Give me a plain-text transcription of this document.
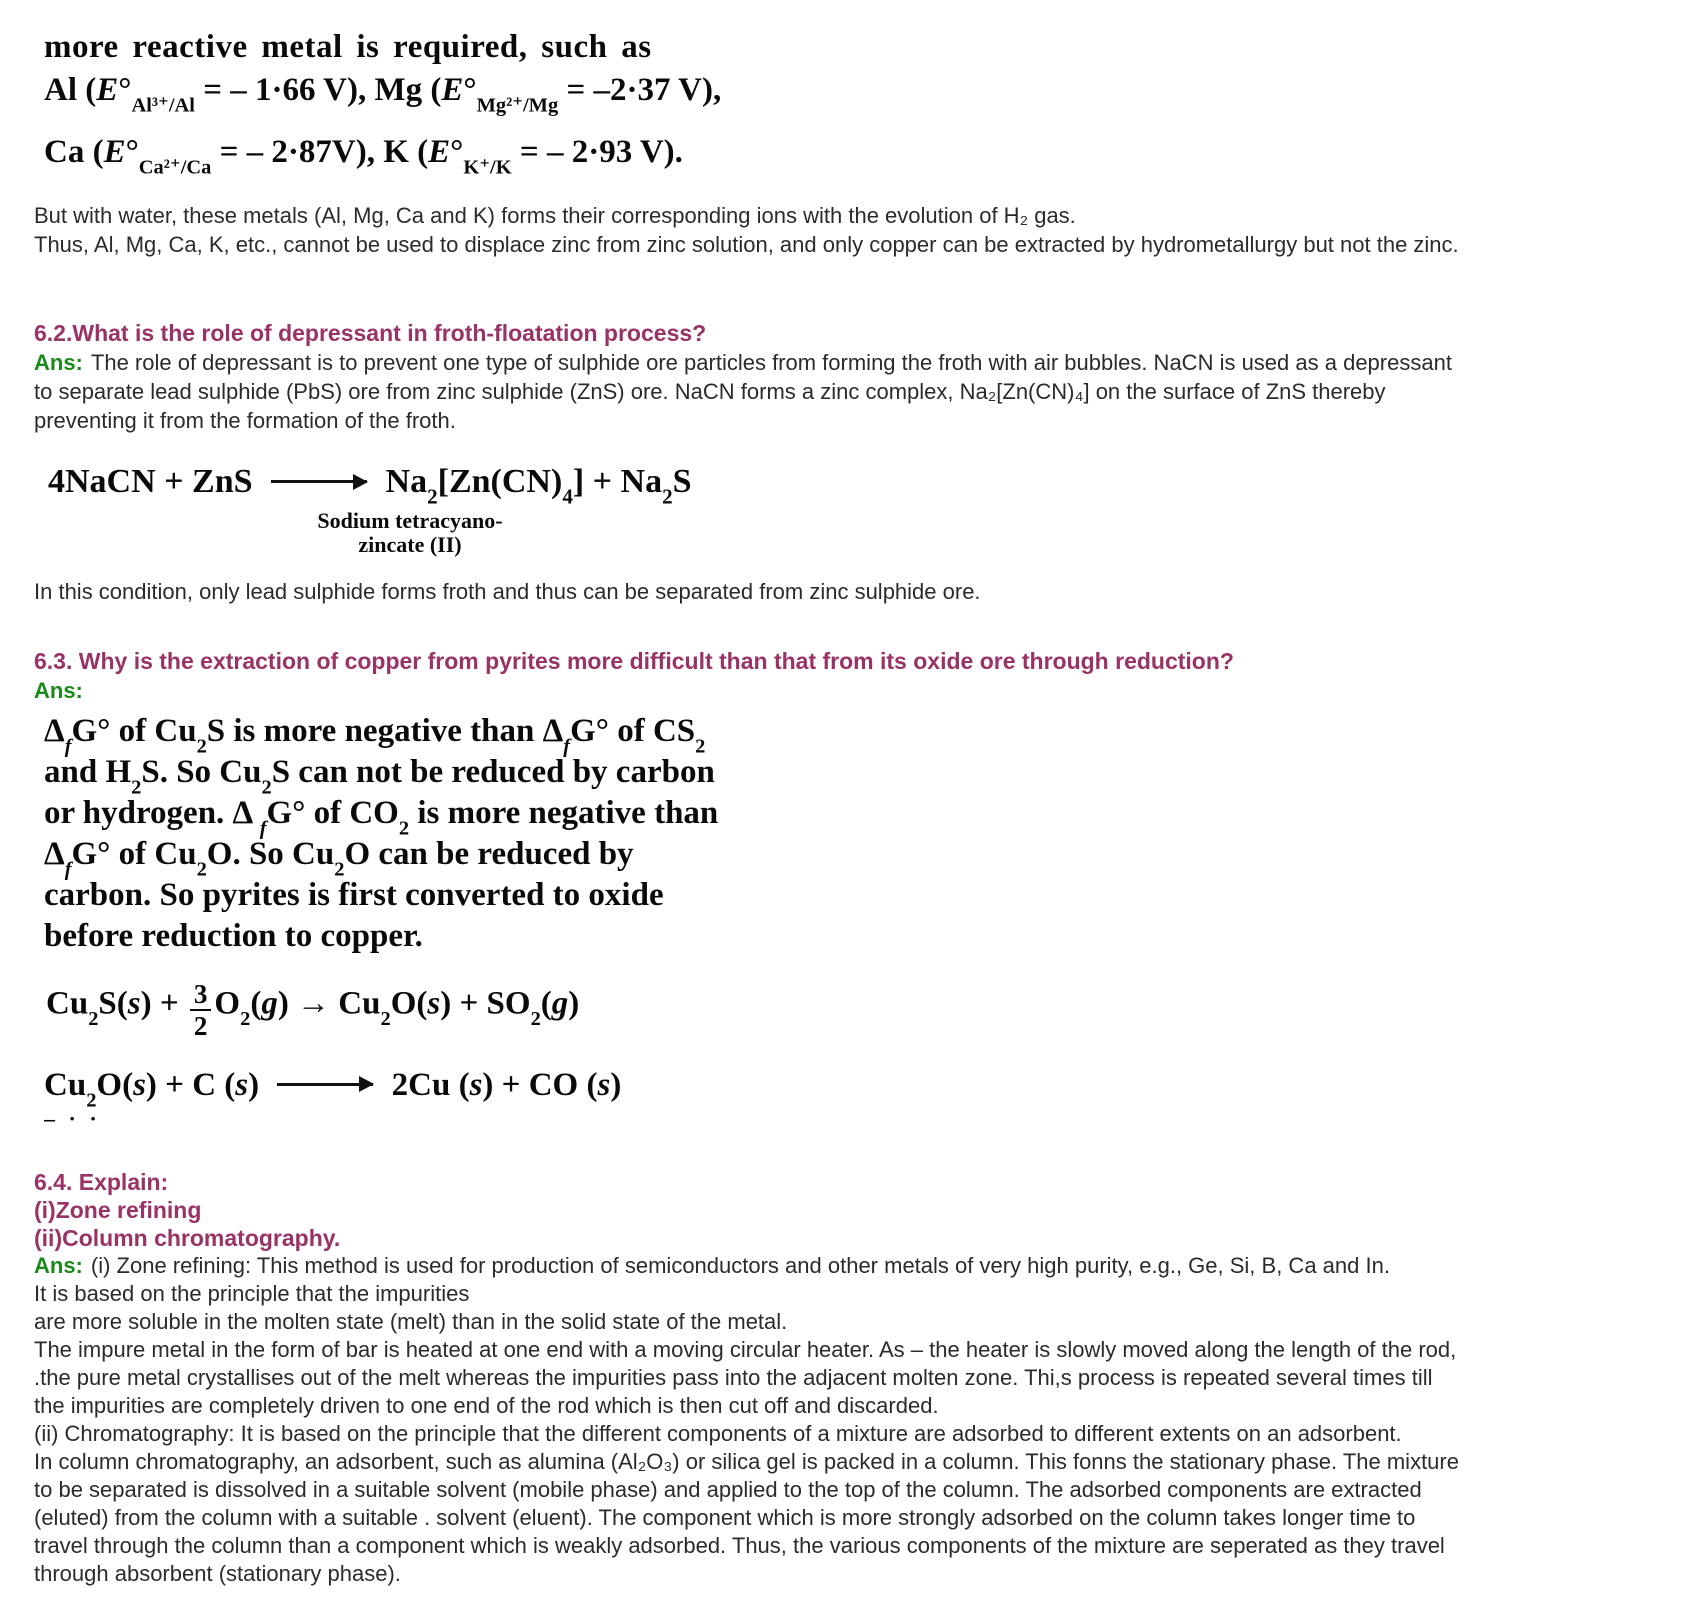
more reactive metal is required, such as
Al ($E^\circ_{Al^{3+}/Al}$ = – 1·66 V), Mg ($E^\circ_{Mg^{2+}/Mg} = -2\cdot 37$ V),
Ca ($E^\circ_{Ca^{2+}/Ca}$ = – 2·87V), K ($E^\circ_{K^+/K}$ = – 2·93 V).
But with water, these metals (Al, Mg, Ca and K) forms their corresponding ions with the evolution of H₂ gas.
Thus, Al, Mg, Ca, K, etc., cannot be used to displace zinc from zinc solution, and only copper can be extracted by hydrometallurgy but not the zinc.
6.2.What is the role of depressant in froth-floatation process?
Ans: The role of depressant is to prevent one type of sulphide ore particles from forming the froth with air bubbles. NaCN is used as a depressant
to separate lead sulphide (PbS) ore from zinc sulphide (ZnS) ore. NaCN forms a zinc complex, Na₂[Zn(CN)₄] on the surface of ZnS thereby
preventing it from the formation of the froth.
4NaCN + ZnS → $Na_2[Zn(CN)_4] + Na_2S$
Sodium tetracyano-
zincate (II)
In this condition, only lead sulphide forms froth and thus can be separated from zinc sulphide ore.
6.3. Why is the extraction of copper from pyrites more difficult than that from its oxide ore through reduction?
Ans:
$\Delta_fG^\circ$ of $Cu_2S$ is more negative than $\Delta_fG^\circ$ of $CS_2$
and $H_2S$. So $Cu_2S$ can not be reduced by carbon
or hydrogen. Δ $_f$G° of $CO_2$ is more negative than
$\Delta_fG^\circ$ of $Cu_2O$. So $Cu_2O$ can be reduced by
carbon. So pyrites is first converted to oxide
before reduction to copper.
$Cu_2S(s) + \frac{3}{2} O_2(g) \to Cu_2O(s) + SO_2(g)$
$Cu_2O(s) + C$ (s) → 2Cu (s) + CO (s)
– · ·
6.4. Explain:
(i)Zone refining
(ii)Column chromatography.
Ans: (i) Zone refining: This method is used for production of semiconductors and other metals of very high purity, e.g., Ge, Si, B, Ca and In.
It is based on the principle that the impurities
are more soluble in the molten state (melt) than in the solid state of the metal.
The impure metal in the form of bar is heated at one end with a moving circular heater. As – the heater is slowly moved along the length of the rod,
.the pure metal crystallises out of the melt whereas the impurities pass into the adjacent molten zone. Thi,s process is repeated several times till
the impurities are completely driven to one end of the rod which is then cut off and discarded.
(ii) Chromatography: It is based on the principle that the different components of a mixture are adsorbed to different extents on an adsorbent.
In column chromatography, an adsorbent, such as alumina (Al₂O₃) or silica gel is packed in a column. This fonns the stationary phase. The mixture
to be separated is dissolved in a suitable solvent (mobile phase) and applied to the top of the column. The adsorbed components are extracted
(eluted) from the column with a suitable . solvent (eluent). The component which is more strongly adsorbed on the column takes longer time to
travel through the column than a component which is weakly adsorbed. Thus, the various components of the mixture are seperated as they travel
through absorbent (stationary phase).
